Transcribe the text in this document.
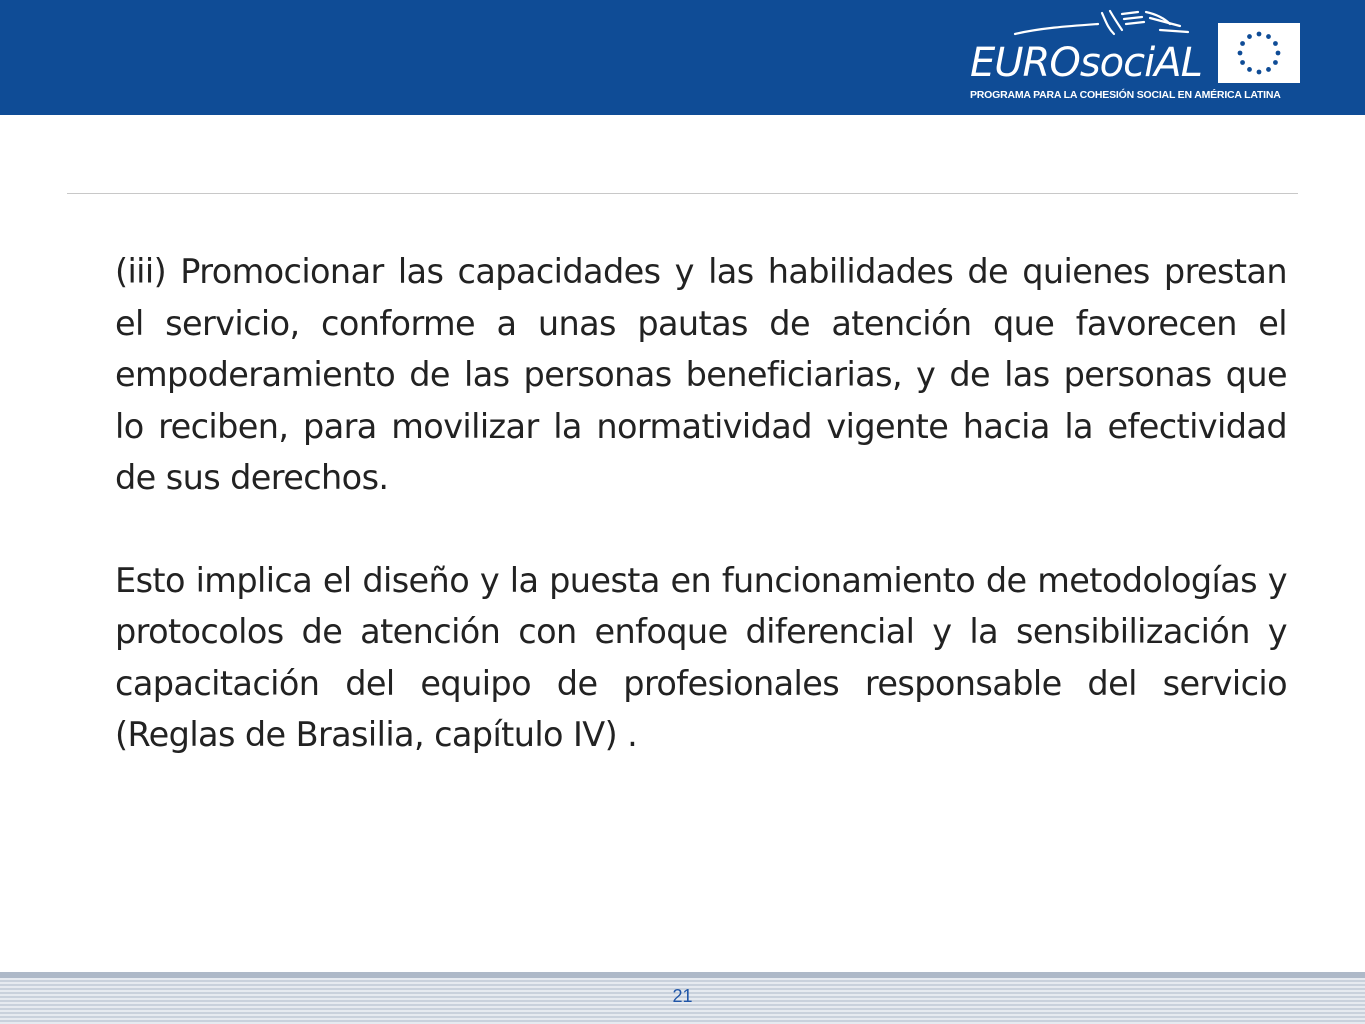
EUROsociAL
PROGRAMA PARA LA COHESIÓN SOCIAL EN AMÉRICA LATINA

(iii) Promocionar las capacidades y las habilidades de quienes prestan el servicio, conforme a unas pautas de atención que favorecen el empoderamiento de las personas beneficiarias, y de las personas que lo reciben, para movilizar la normatividad vigente hacia la efectividad de sus derechos.

Esto implica el diseño y la puesta en funcionamiento de metodologías y protocolos de atención con enfoque diferencial y la sensibilización y capacitación del equipo de profesionales responsable del servicio (Reglas de Brasilia, capítulo IV) .

21
